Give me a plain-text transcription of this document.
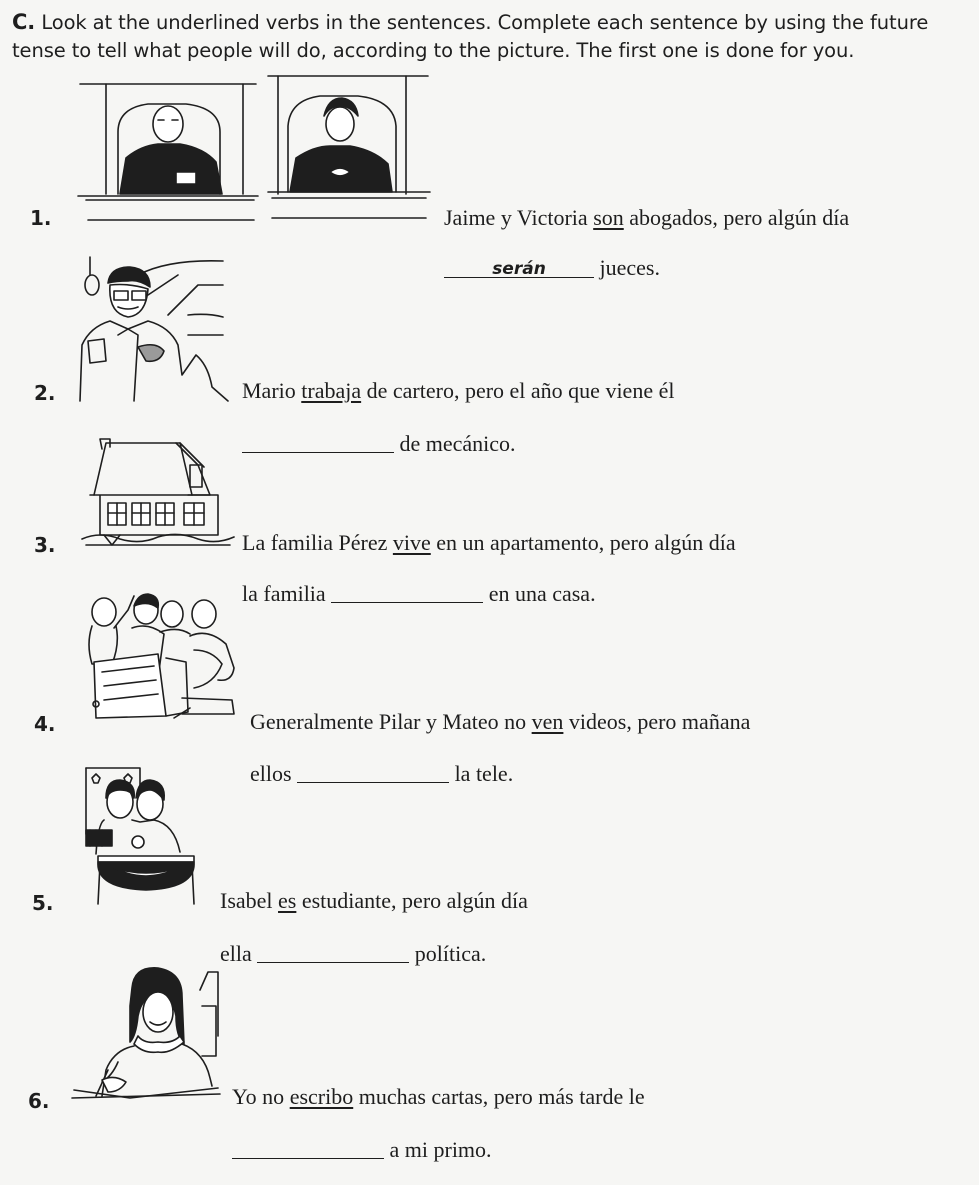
C. Look at the underlined verbs in the sentences. Complete each sentence by using the future tense to tell what people will do, according to the picture. The first one is done for you.
1.	Jaime y Victoria son abogados, pero algún día
serán jueces.
2.	Mario trabaja de cartero, pero el año que viene él
de mecánico.
3.	La familia Pérez vive en un apartamento, pero algún día
la familia	en una casa.
4.	Generalmente Pilar y Mateo no ven videos, pero mañana
ellos	la tele.
5.	Isabel es estudiante, pero algún día
ella	política.
6.	Yo no escribo muchas cartas, pero más tarde le
a mi primo.
